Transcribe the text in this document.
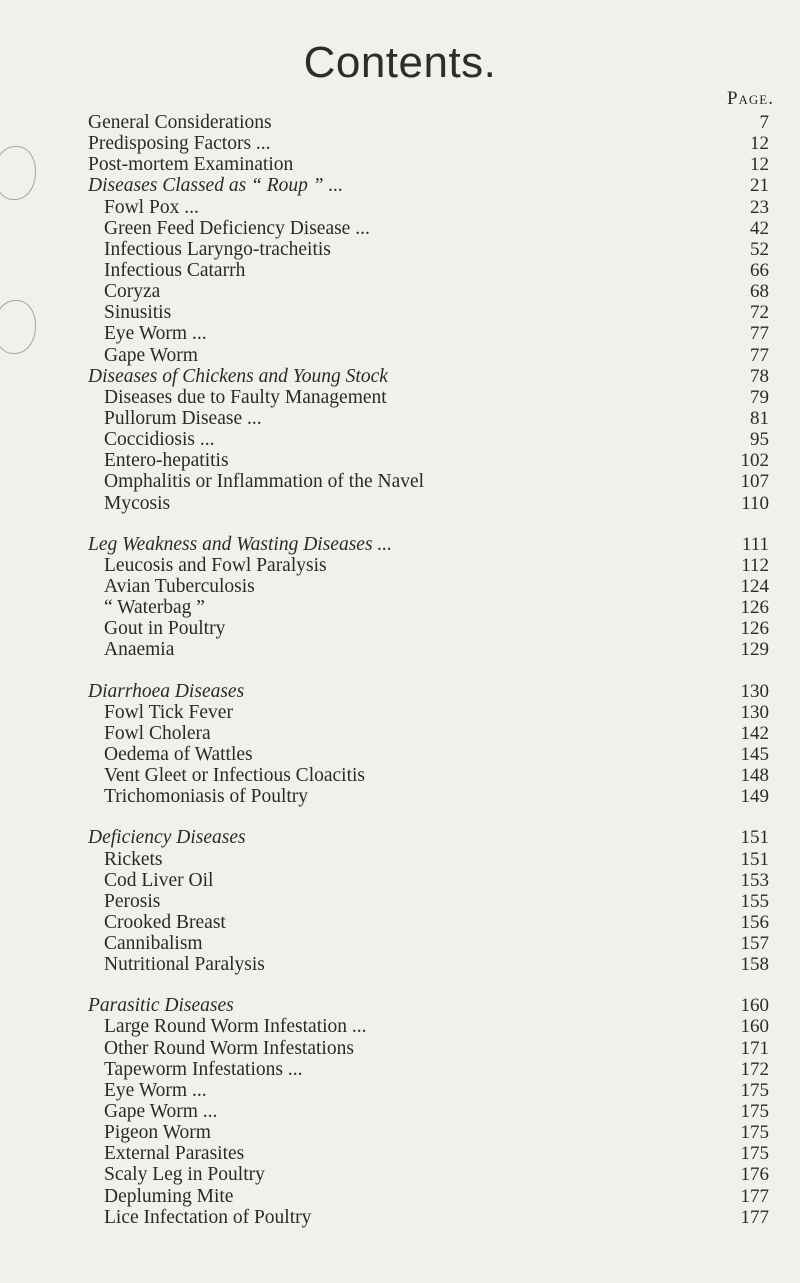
Contents.
Page.
General Considerations	7
Predisposing Factors ...	12
Post-mortem Examination	12
Diseases Classed as “ Roup ” ...	21
Fowl Pox ...	23
Green Feed Deficiency Disease ...	42
Infectious Laryngo-tracheitis	52
Infectious Catarrh	66
Coryza	68
Sinusitis	72
Eye Worm ...	77
Gape Worm	77
Diseases of Chickens and Young Stock	78
Diseases due to Faulty Management	79
Pullorum Disease ...	81
Coccidiosis ...	95
Entero-hepatitis	102
Omphalitis or Inflammation of the Navel	107
Mycosis	110
Leg Weakness and Wasting Diseases ...	111
Leucosis and Fowl Paralysis	112
Avian Tuberculosis	124
“ Waterbag ”	126
Gout in Poultry	126
Anaemia	129
Diarrhoea Diseases	130
Fowl Tick Fever	130
Fowl Cholera	142
Oedema of Wattles	145
Vent Gleet or Infectious Cloacitis	148
Trichomoniasis of Poultry	149
Deficiency Diseases	151
Rickets	151
Cod Liver Oil	153
Perosis	155
Crooked Breast	156
Cannibalism	157
Nutritional Paralysis	158
Parasitic Diseases	160
Large Round Worm Infestation ...	160
Other Round Worm Infestations	171
Tapeworm Infestations ...	172
Eye Worm ...	175
Gape Worm ...	175
Pigeon Worm	175
External Parasites	175
Scaly Leg in Poultry	176
Depluming Mite	177
Lice Infectation of Poultry	177
